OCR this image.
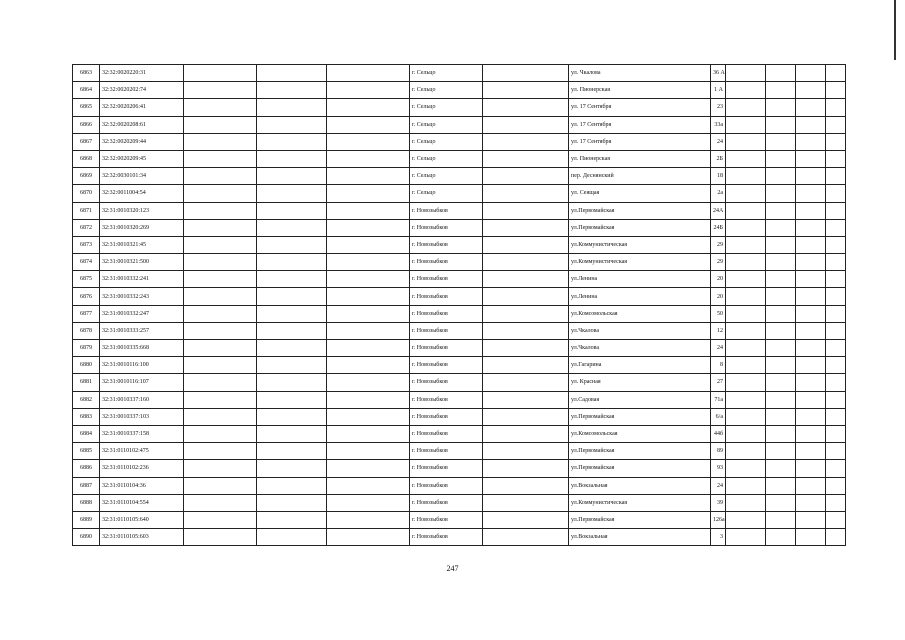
6863	32:32:0020220:31				г. Сельцо		ул. Чкалова	36 А				
6864	32:32:0020202:74				г. Сельцо		ул. Пионерская	1 А				
6865	32:32:0020206:41				г. Сельцо		ул. 17 Сентября	23				
6866	32:32:0020208:61				г. Сельцо		ул. 17 Сентября	33а				
6867	32:32:0020209:44				г. Сельцо		ул. 17 Сентября	24				
6868	32:32:0020209:45				г. Сельцо		ул. Пионерская	2Б				
6869	32:32:0030101:34				г. Сельцо		пер. Деснянский	18				
6870	32:32:0011004:54				г. Сельцо		ул. Сеящая	2а				
6871	32:31:0010320:123				г. Новозыбков		ул.Первомайская	24А				
6872	32:31:0010320:269				г. Новозыбков		ул.Первомайская	24Б				
6873	32:31:0010321:45				г. Новозыбков		ул.Коммунистическая	29				
6874	32:31:0010321:500				г. Новозыбков		ул.Коммунистическая	29				
6875	32:31:0010332:241				г. Новозыбков		ул.Ленина	20				
6876	32:31:0010332:243				г. Новозыбков		ул.Ленина	20				
6877	32:31:0010332:247				г. Новозыбков		ул.Комсомольская	50				
6878	32:31:0010333:257				г. Новозыбков		ул.Чкалова	12				
6879	32:31:0010335:668				г. Новозыбков		ул.Чкалова	24				
6880	32:31:0010116:100				г. Новозыбков		ул.Гагарина	8				
6881	32:31:0010116:107				г. Новозыбков		ул. Красная	27				
6882	32:31:0010337:160				г. Новозыбков		ул.Садовая	71а				
6883	32:31:0010337:103				г. Новозыбков		ул.Первомайская	6/а				
6884	32:31:0010337:158				г. Новозыбков		ул.Комсомольская	44б				
6885	32:31:0110102:475				г. Новозыбков		ул.Первомайская	89				
6886	32:31:0110102:236				г. Новозыбков		ул.Первомайская	93				
6887	32:31:0110104:36				г. Новозыбков		ул.Вокзальная	24				
6888	32:31:0110104:554				г. Новозыбков		ул.Коммунистическая	39				
6889	32:31:0110105:640				г. Новозыбков		ул.Первомайская	126а				
6890	32:31:0110105:603				г. Новозыбков		ул.Вокзальная	3				
247
